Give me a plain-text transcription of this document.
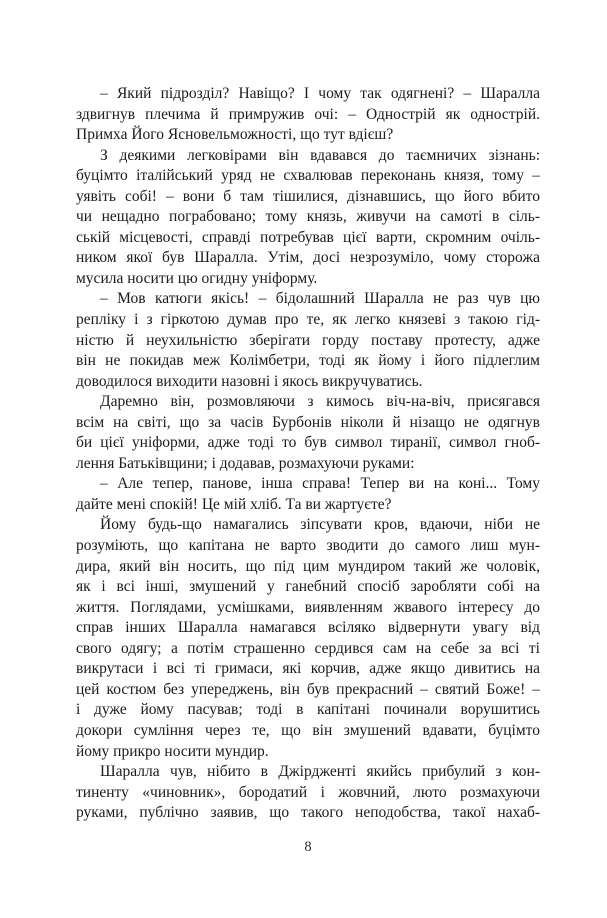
– Який підрозділ? Навіщо? І чому так одягнені? – Шаралла
здвигнув плечима й примружив очі: – Однострій як однострій.
Примха Його Ясновельможності, що тут вдієш?

З деякими легковірами він вдавався до таємничих зізнань:
буцімто італійський уряд не схвалював переконань князя, тому –
уявіть собі! – вони б там тішилися, дізнавшись, що його вбито
чи нещадно пограбовано; тому князь, живучи на самоті в сіль-
ській місцевості, справді потребував цієї варти, скромним очіль-
ником якої був Шаралла. Утім, досі незрозуміло, чому сторожа
мусила носити цю огидну уніформу.

– Мов катюги якісь! – бідолашний Шаралла не раз чув цю
репліку і з гіркотою думав про те, як легко князеві з такою гід-
ністю й неухильністю зберігати горду поставу протесту, адже
він не покидав меж Колімбетри, тоді як йому і його підлеглим
доводилося виходити назовні і якось викручуватись.

Даремно він, розмовляючи з кимось віч-на-віч, присягався
всім на світі, що за часів Бурбонів ніколи й нізащо не одягнув
би цієї уніформи, адже тоді то був символ тиранії, символ гноб-
лення Батьківщини; і додавав, розмахуючи руками:

– Але тепер, панове, інша справа! Тепер ви на коні... Тому
дайте мені спокій! Це мій хліб. Та ви жартуєте?

Йому будь-що намагались зіпсувати кров, вдаючи, ніби не
розуміють, що капітана не варто зводити до самого лиш мун-
дира, який він носить, що під цим мундиром такий же чоловік,
як і всі інші, змушений у ганебний спосіб заробляти собі на
життя. Поглядами, усмішками, виявленням жвавого інтересу до
справ інших Шаралла намагався всіляко відвернути увагу від
свого одягу; а потім страшенно сердився сам на себе за всі ті
викрутаси і всі ті гримаси, які корчив, адже якщо дивитись на
цей костюм без упереджень, він був прекрасний – святий Боже! –
і дуже йому пасував; тоді в капітані починали ворушитись
докори сумління через те, що він змушений вдавати, буцімто
йому прикро носити мундир.

Шаралла чув, нібито в Джірдженті якийсь прибулий з кон-
тиненту «чиновник», бородатий і жовчний, люто розмахуючи
руками, публічно заявив, що такого неподобства, такої нахаб-

8
